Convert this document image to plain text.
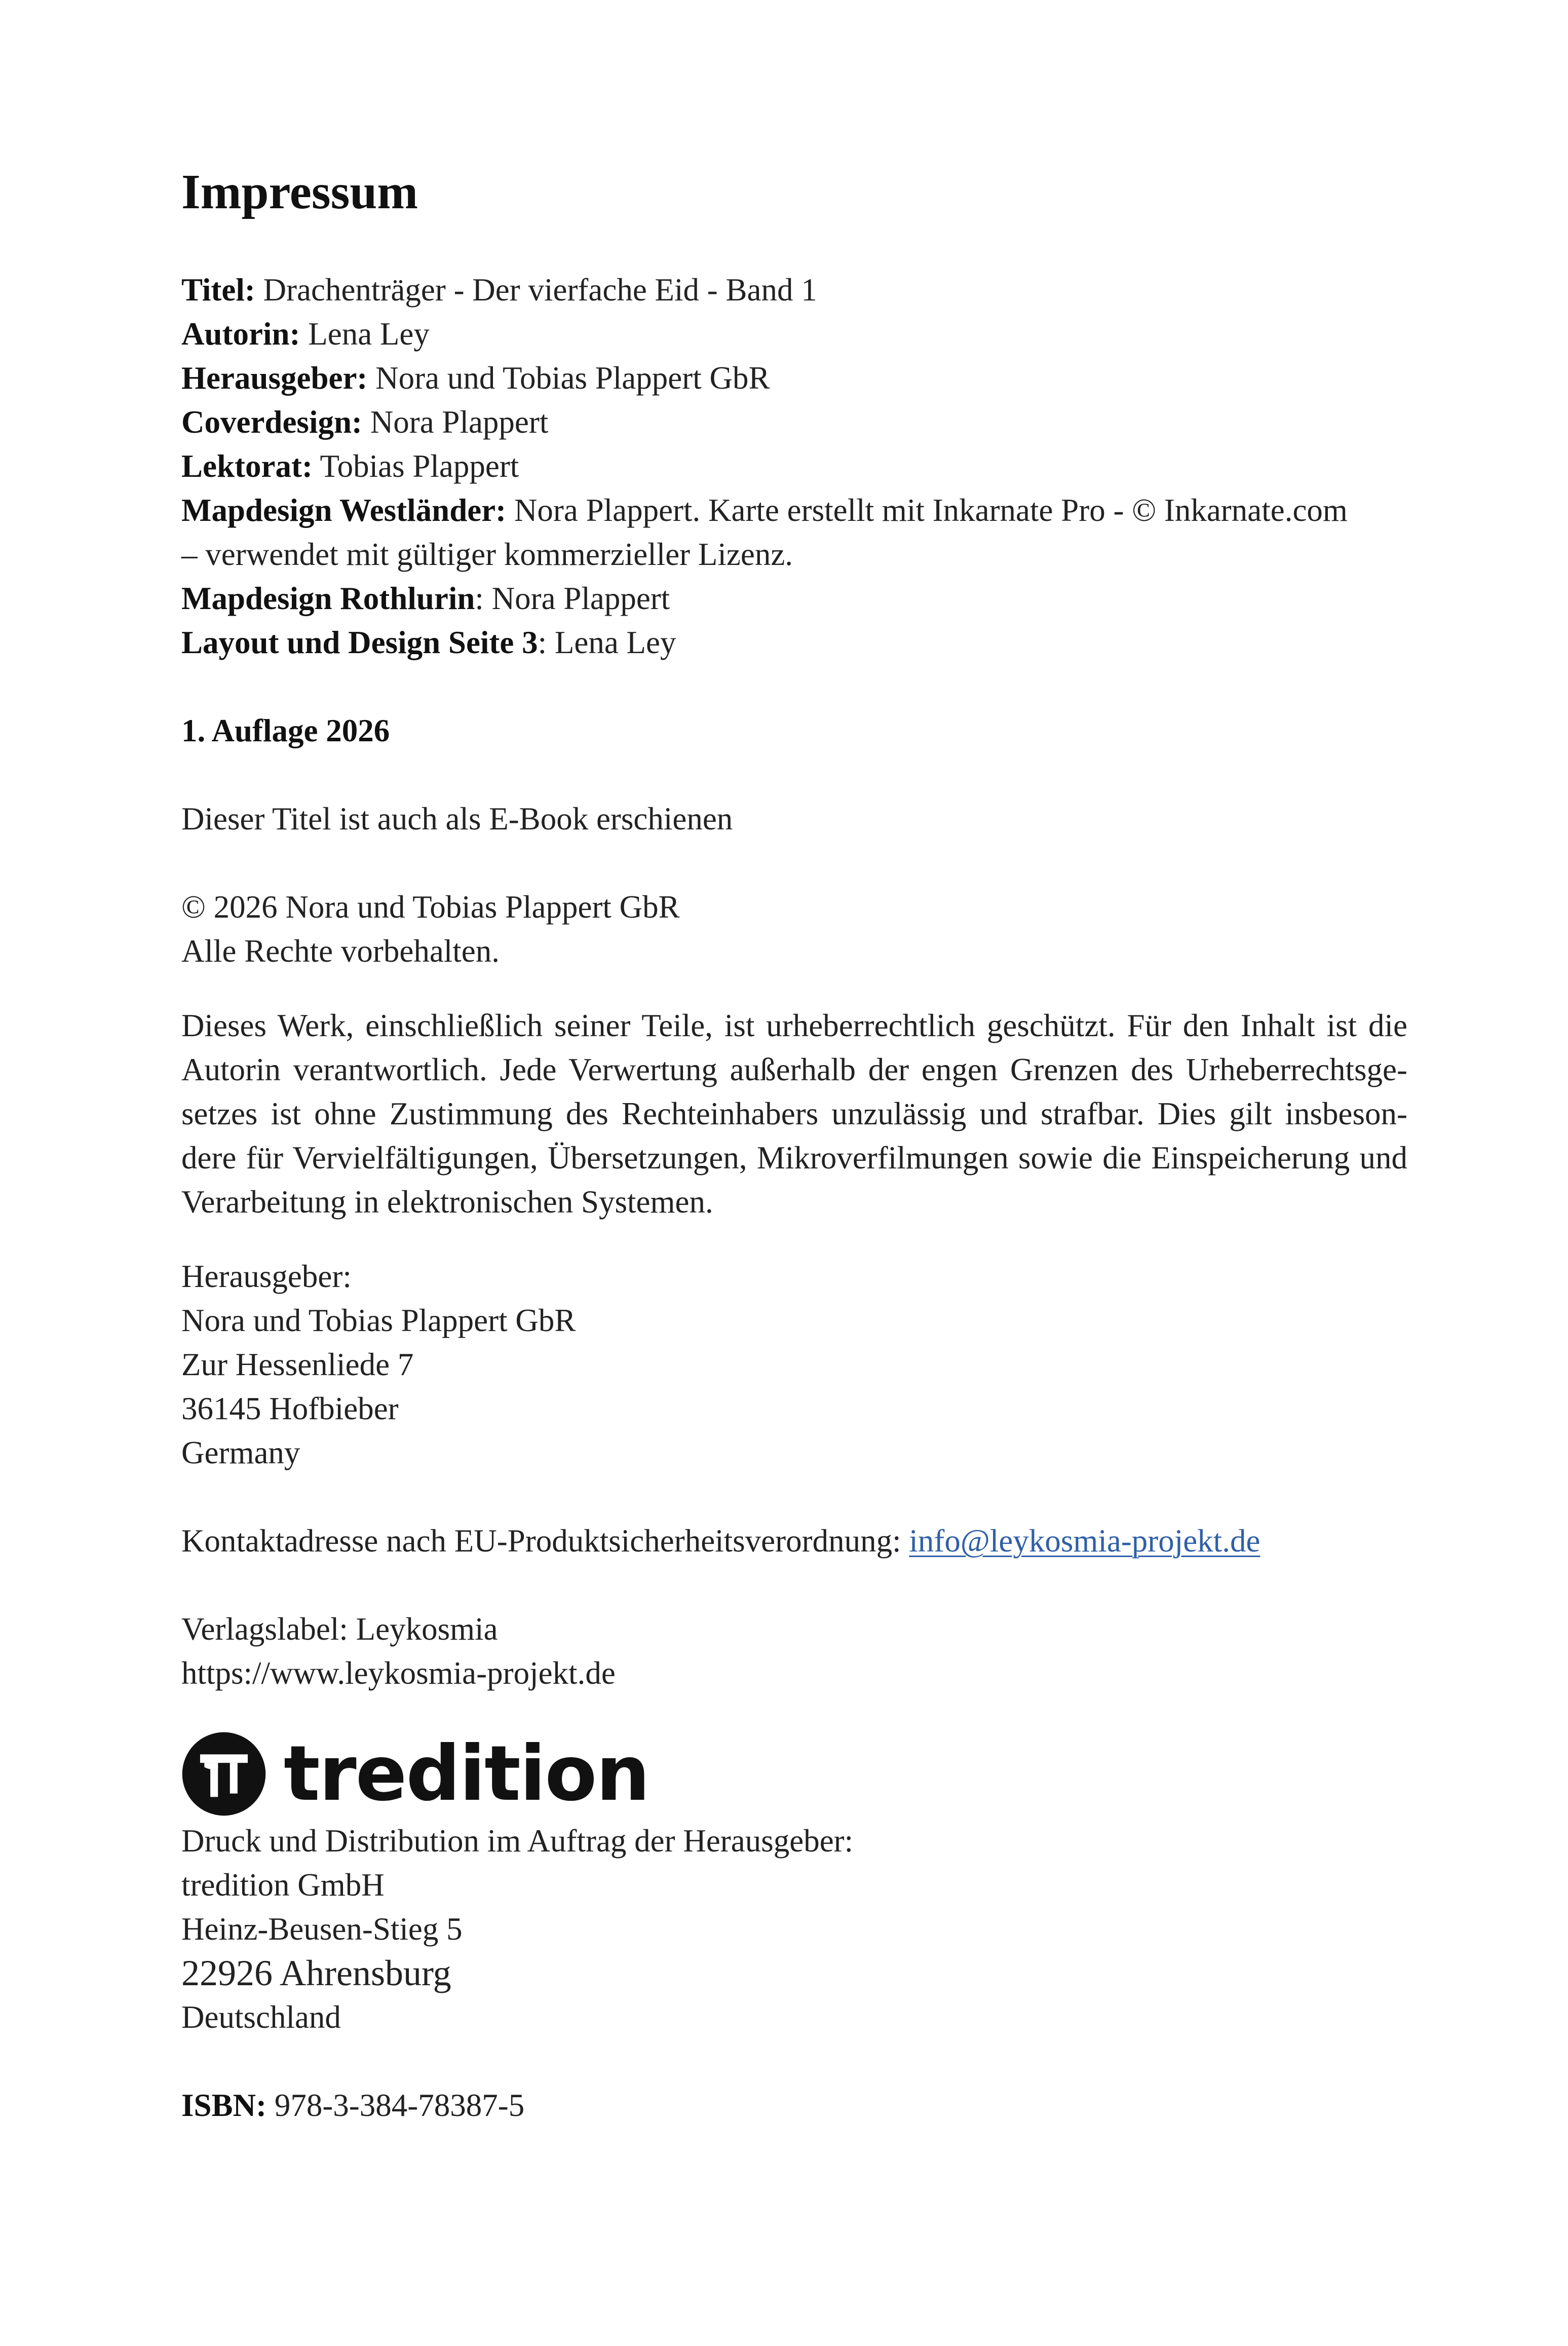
Impressum
Titel: Drachenträger - Der vierfache Eid - Band 1
Autorin: Lena Ley
Herausgeber: Nora und Tobias Plappert GbR
Coverdesign: Nora Plappert
Lektorat: Tobias Plappert
Mapdesign Westländer: Nora Plappert. Karte erstellt mit Inkarnate Pro - © Inkarnate.com
– verwendet mit gültiger kommerzieller Lizenz.
Mapdesign Rothlurin: Nora Plappert
Layout und Design Seite 3: Lena Ley
1. Auflage 2026
Dieser Titel ist auch als E-Book erschienen
© 2026 Nora und Tobias Plappert GbR
Alle Rechte vorbehalten.
Dieses Werk, einschließlich seiner Teile, ist urheberrechtlich geschützt. Für den Inhalt ist die
Autorin verantwortlich. Jede Verwertung außerhalb der engen Grenzen des Urheberrechtsge-
setzes ist ohne Zustimmung des Rechteinhabers unzulässig und strafbar. Dies gilt insbeson-
dere für Vervielfältigungen, Übersetzungen, Mikroverfilmungen sowie die Einspeicherung und
Verarbeitung in elektronischen Systemen.
Herausgeber:
Nora und Tobias Plappert GbR
Zur Hessenliede 7
36145 Hofbieber
Germany
Kontaktadresse nach EU-Produktsicherheitsverordnung: info@leykosmia-projekt.de
Verlagslabel: Leykosmia
https://www.leykosmia-projekt.de
tredition
Druck und Distribution im Auftrag der Herausgeber:
tredition GmbH
Heinz-Beusen-Stieg 5
22926 Ahrensburg
Deutschland
ISBN: 978-3-384-78387-5
